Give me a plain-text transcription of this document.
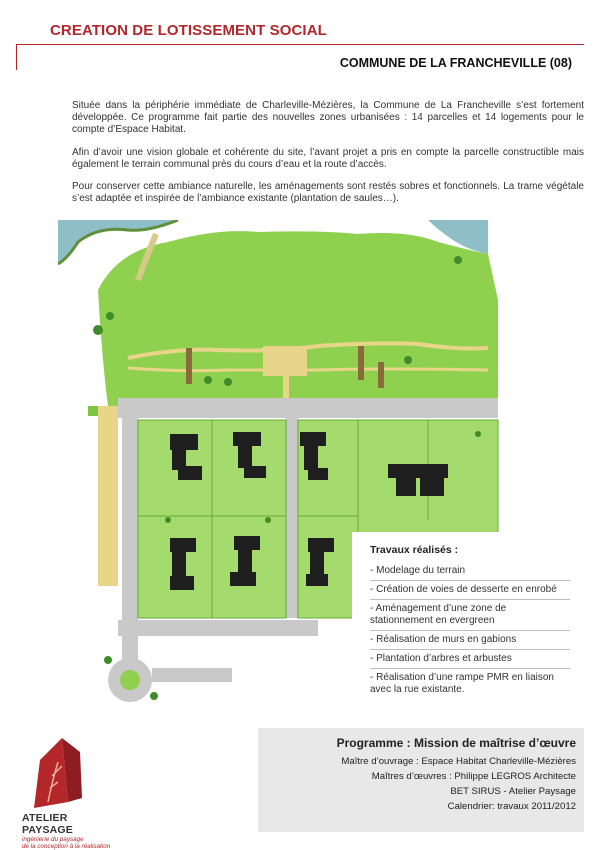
CREATION DE LOTISSEMENT SOCIAL
COMMUNE DE LA FRANCHEVILLE (08)

Située dans la périphérie immédiate de Charleville-Mézières, la Commune de La Francheville s’est fortement développée. Ce programme fait partie des nouvelles zones urbanisées : 14 parcelles et 14 logements pour le compte d’Espace Habitat.

Afin d’avoir une vision globale et cohérente du site, l’avant projet a pris en compte la parcelle constructible mais également le terrain communal près du cours d’eau et la route d’accès.

Pour conserver cette ambiance naturelle, les aménagements sont restés sobres et fonctionnels. La trame végétale s’est adaptée et inspirée de l’ambiance existante (plantation de saules…).

Travaux réalisés :
- Modelage du terrain
- Création de voies de desserte en enrobé
- Aménagement d’une zone de stationnement en evergreen
- Réalisation de murs en gabions
- Plantation d’arbres et arbustes
- Réalisation d’une rampe PMR en liaison avec la rue existante.
ATELIER PAYSAGE
ingénierie du paysage
de la conception à la réalisation
Programme : Mission de maîtrise d’œuvre
Maître d’ouvrage : Espace Habitat Charleville-Mézières
Maîtres d’œuvres : Philippe LEGROS Architecte
BET SIRUS - Atelier Paysage
Calendrier: travaux 2011/2012
